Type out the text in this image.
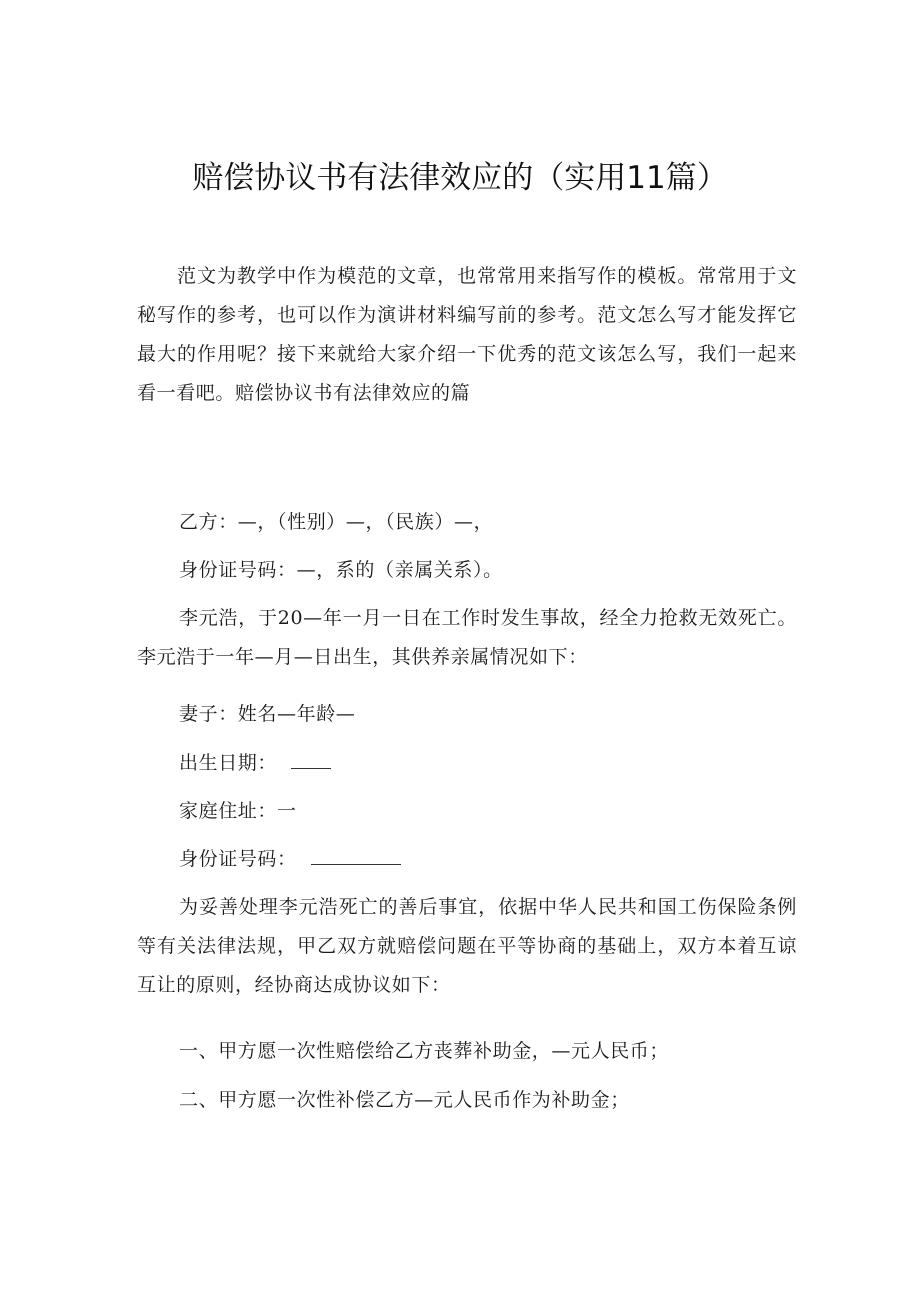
赔偿协议书有法律效应的（实用11篇）

范文为教学中作为模范的文章，也常常用来指写作的模板。常常用于文秘写作的参考，也可以作为演讲材料编写前的参考。范文怎么写才能发挥它最大的作用呢？接下来就给大家介绍一下优秀的范文该怎么写，我们一起来看一看吧。赔偿协议书有法律效应的篇

乙方：—，（性别）—，（民族）—，

身份证号码：—，系的（亲属关系）。

李元浩，于20—年一月一日在工作时发生事故，经全力抢救无效死亡。李元浩于一年—月—日出生，其供养亲属情况如下：

妻子：姓名—年龄—

出生日期：

家庭住址：一

身份证号码：

为妥善处理李元浩死亡的善后事宜，依据中华人民共和国工伤保险条例等有关法律法规，甲乙双方就赔偿问题在平等协商的基础上，双方本着互谅互让的原则，经协商达成协议如下：

一、甲方愿一次性赔偿给乙方丧葬补助金，—元人民币；

二、甲方愿一次性补偿乙方—元人民币作为补助金；
